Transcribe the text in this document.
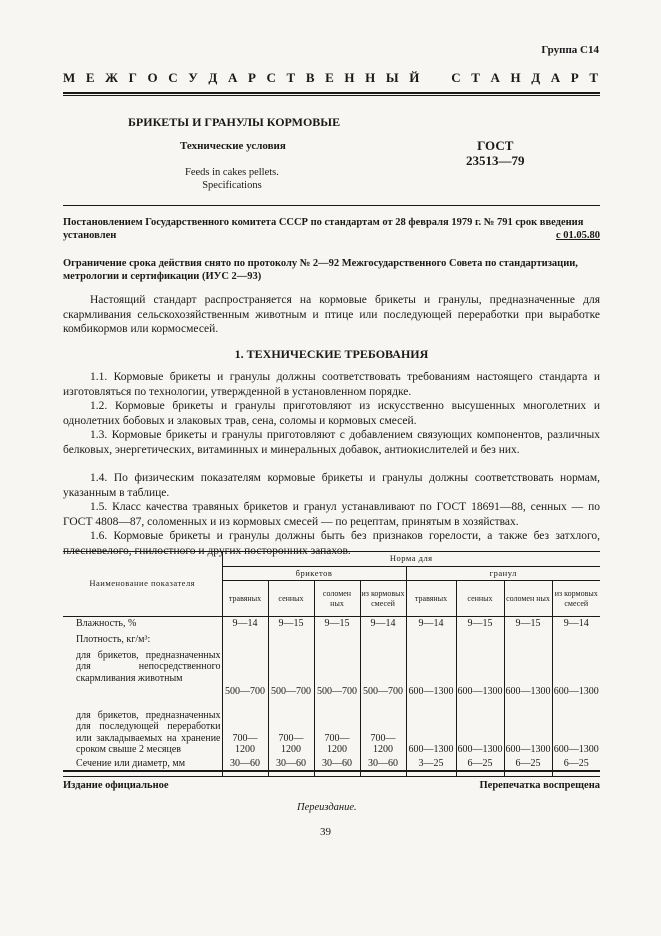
Группа С14
М Е Ж Г О С У Д А Р С Т В Е Н Н Ы Й С Т А Н Д А Р Т
БРИКЕТЫ И ГРАНУЛЫ КОРМОВЫЕ
Технические условия
Feeds in cakes pellets.
Specifications
ГОСТ
23513—79
Постановлением Государственного комитета СССР по стандартам от 28 февраля 1979 г. № 791 срок введения установлен	с 01.05.80
Ограничение срока действия снято по протоколу № 2—92 Межгосударственного Совета по стандартизации, метрологии и сертификации (ИУС 2—93)
Настоящий стандарт распространяется на кормовые брикеты и гранулы, предназначенные для скармливания сельскохозяйственным животным и птице или последующей переработки при выработке комбикормов или кормосмесей.
1. ТЕХНИЧЕСКИЕ ТРЕБОВАНИЯ
1.1. Кормовые брикеты и гранулы должны соответствовать требованиям настоящего стандарта и изготовляться по технологии, утвержденной в установленном порядке.
1.2. Кормовые брикеты и гранулы приготовляют из искусственно высушенных многолетних и однолетних бобовых и злаковых трав, сена, соломы и кормовых смесей.
1.3. Кормовые брикеты и гранулы приготовляют с добавлением связующих компонентов, различных белковых, энергетических, витаминных и минеральных добавок, антиокислителей и без них.
1.4. По физическим показателям кормовые брикеты и гранулы должны соответствовать нормам, указанным в таблице.
1.5. Класс качества травяных брикетов и гранул устанавливают по ГОСТ 18691—88, сенных — по ГОСТ 4808—87, соломенных и из кормовых смесей — по рецептам, принятым в хозяйствах.
1.6. Кормовые брикеты и гранулы должны быть без признаков горелости, а также без затхлого, плесневелого, гнилостного и других посторонних запахов.
Наименование показателя	Норма для							
	брикетов				гранул			
	травяных	сенных	соломен ных	из кормовых смесей	травяных	сенных	соломен ных	из кормовых смесей
Влажность, %	9—14	9—15	9—15	9—14	9—14	9—15	9—15	9—14
Плотность, кг/м³:								
для брикетов, предназначенных для непосредственного скармливания животным	500—700	500—700	500—700	500—700	600—1300	600—1300	600—1300	600—1300
для брикетов, предназначенных для последующей переработки или закладываемых на хранение сроком свыше 2 месяцев	700—1200	700—1200	700—1200	700—1200	600—1300	600—1300	600—1300	600—1300
Сечение или диаметр, мм	30—60	30—60	30—60	30—60	3—25	6—25	6—25	6—25
Издание официальное	Перепечатка воспрещена
Переиздание.
39
